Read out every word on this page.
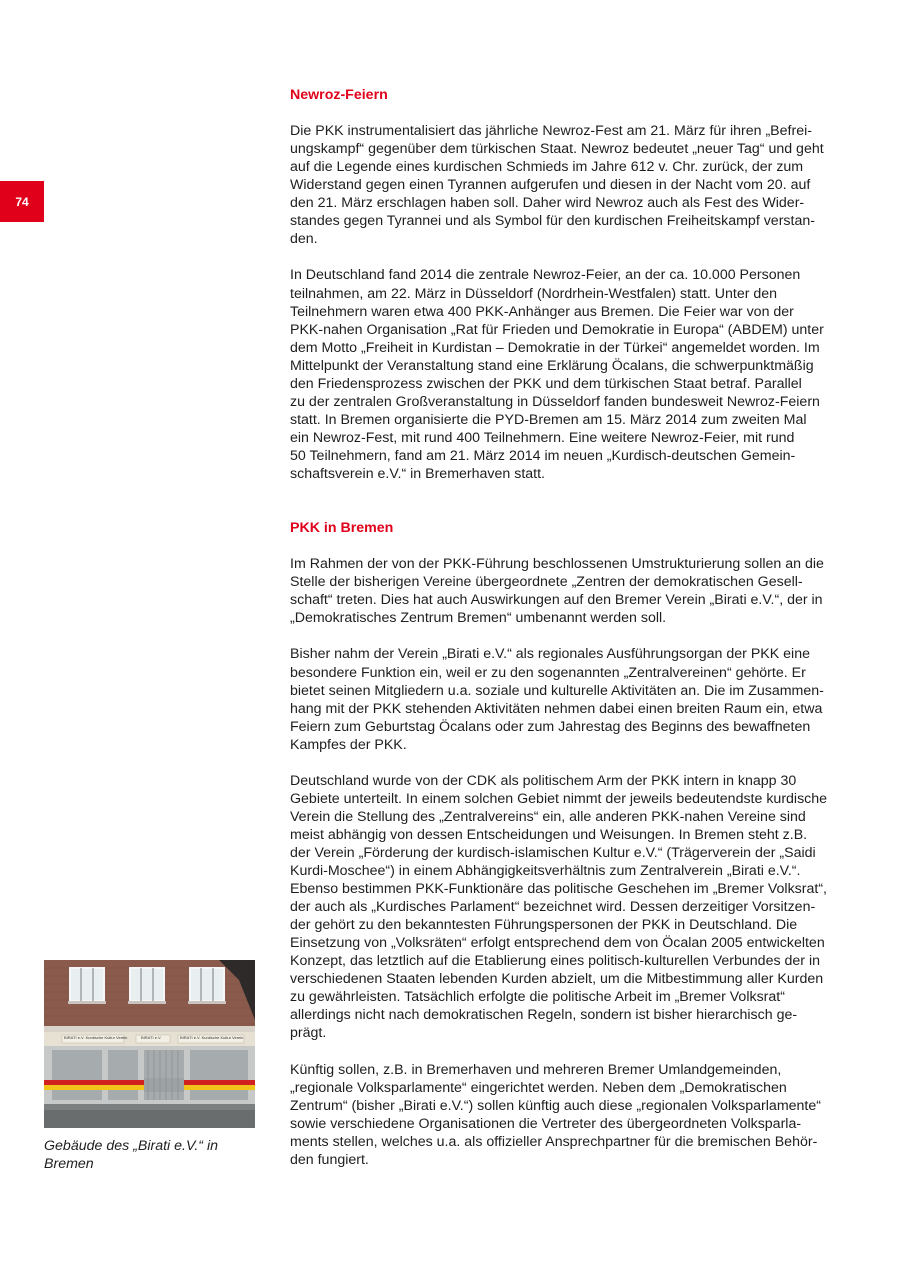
74
Newroz-Feiern
Die PKK instrumentalisiert das jährliche Newroz-Fest am 21. März für ihren „Befrei-
ungskampf“ gegenüber dem türkischen Staat. Newroz bedeutet „neuer Tag“ und geht
auf die Legende eines kurdischen Schmieds im Jahre 612 v. Chr. zurück, der zum
Widerstand gegen einen Tyrannen aufgerufen und diesen in der Nacht vom 20. auf
den 21. März erschlagen haben soll. Daher wird Newroz auch als Fest des Wider-
standes gegen Tyrannei und als Symbol für den kurdischen Freiheitskampf verstan-
den.
In Deutschland fand 2014 die zentrale Newroz-Feier, an der ca. 10.000 Personen
teilnahmen, am 22. März in Düsseldorf (Nordrhein-Westfalen) statt. Unter den
Teilnehmern waren etwa 400 PKK-Anhänger aus Bremen. Die Feier war von der
PKK-nahen Organisation „Rat für Frieden und Demokratie in Europa“ (ABDEM) unter
dem Motto „Freiheit in Kurdistan – Demokratie in der Türkei“ angemeldet worden. Im
Mittelpunkt der Veranstaltung stand eine Erklärung Öcalans, die schwerpunktmäßig
den Friedensprozess zwischen der PKK und dem türkischen Staat betraf. Parallel
zu der zentralen Großveranstaltung in Düsseldorf fanden bundesweit Newroz-Feiern
statt. In Bremen organisierte die PYD-Bremen am 15. März 2014 zum zweiten Mal
ein Newroz-Fest, mit rund 400 Teilnehmern. Eine weitere Newroz-Feier, mit rund
50 Teilnehmern, fand am 21. März 2014 im neuen „Kurdisch-deutschen Gemein-
schaftsverein e.V.“ in Bremerhaven statt.
PKK in Bremen
Im Rahmen der von der PKK-Führung beschlossenen Umstrukturierung sollen an die
Stelle der bisherigen Vereine übergeordnete „Zentren der demokratischen Gesell-
schaft“ treten. Dies hat auch Auswirkungen auf den Bremer Verein „Birati e.V.“, der in
„Demokratisches Zentrum Bremen“ umbenannt werden soll.
Bisher nahm der Verein „Birati e.V.“ als regionales Ausführungsorgan der PKK eine
besondere Funktion ein, weil er zu den sogenannten „Zentralvereinen“ gehörte. Er
bietet seinen Mitgliedern u.a. soziale und kulturelle Aktivitäten an. Die im Zusammen-
hang mit der PKK stehenden Aktivitäten nehmen dabei einen breiten Raum ein, etwa
Feiern zum Geburtstag Öcalans oder zum Jahrestag des Beginns des bewaffneten
Kampfes der PKK.
Deutschland wurde von der CDK als politischem Arm der PKK intern in knapp 30
Gebiete unterteilt. In einem solchen Gebiet nimmt der jeweils bedeutendste kurdische
Verein die Stellung des „Zentralvereins“ ein, alle anderen PKK-nahen Vereine sind
meist abhängig von dessen Entscheidungen und Weisungen. In Bremen steht z.B.
der Verein „Förderung der kurdisch-islamischen Kultur e.V.“ (Trägerverein der „Saidi
Kurdi-Moschee“) in einem Abhängigkeitsverhältnis zum Zentralverein „Birati e.V.“.
Ebenso bestimmen PKK-Funktionäre das politische Geschehen im „Bremer Volksrat“,
der auch als „Kurdisches Parlament“ bezeichnet wird. Dessen derzeitiger Vorsitzen-
der gehört zu den bekanntesten Führungspersonen der PKK in Deutschland. Die
Einsetzung von „Volksräten“ erfolgt entsprechend dem von Öcalan 2005 entwickelten
Konzept, das letztlich auf die Etablierung eines politisch-kulturellen Verbundes der in
verschiedenen Staaten lebenden Kurden abzielt, um die Mitbestimmung aller Kurden
zu gewährleisten. Tatsächlich erfolgte die politische Arbeit im „Bremer Volksrat“
allerdings nicht nach demokratischen Regeln, sondern ist bisher hierarchisch ge-
prägt.
Künftig sollen, z.B. in Bremerhaven und mehreren Bremer Umlandgemeinden,
„regionale Volksparlamente“ eingerichtet werden. Neben dem „Demokratischen
Zentrum“ (bisher „Birati e.V.“) sollen künftig auch diese „regionalen Volksparlamente“
sowie verschiedene Organisationen die Vertreter des übergeordneten Volksparla-
ments stellen, welches u.a. als offizieller Ansprechpartner für die bremischen Behör-
den fungiert.
BIRATI e.V. Kurdische Kultur Verein	BIRATI e.V.	BIRATI e.V. Kurdische Kultur Verein
Gebäude des „Birati e.V.“ in
Bremen
